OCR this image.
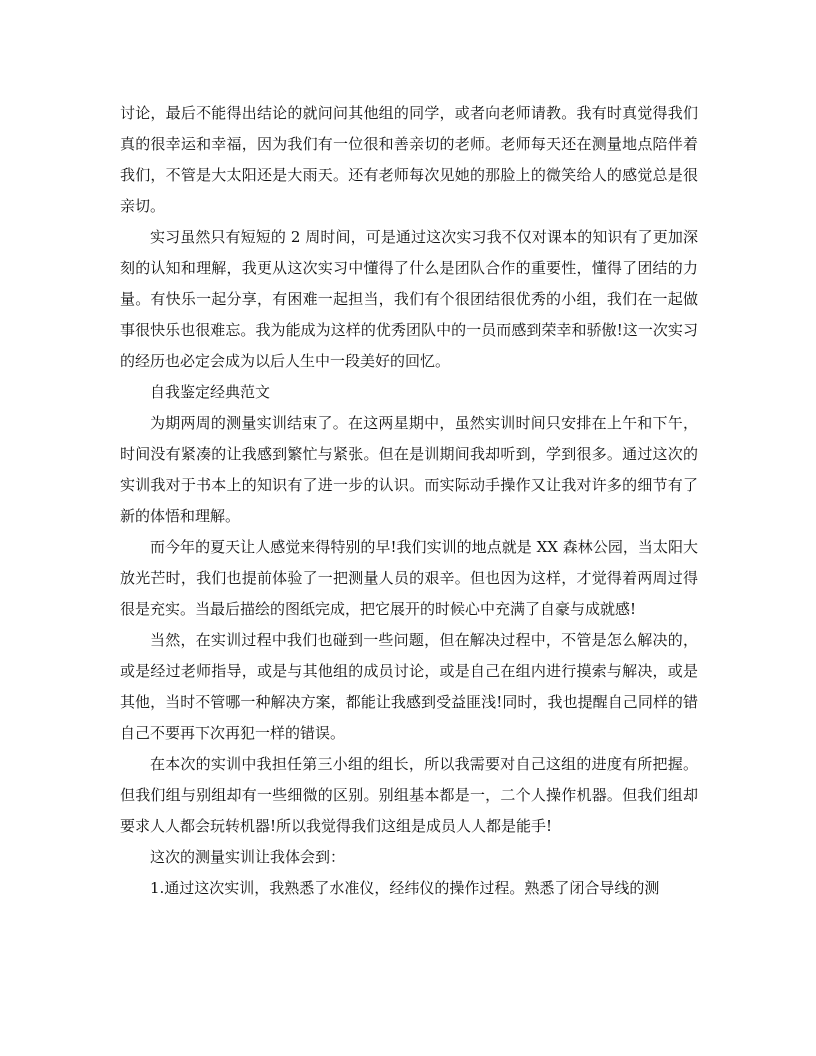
讨论，最后不能得出结论的就问问其他组的同学，或者向老师请教。我有时真觉得我们真的很幸运和幸福，因为我们有一位很和善亲切的老师。老师每天还在测量地点陪伴着我们，不管是大太阳还是大雨天。还有老师每次见她的那脸上的微笑给人的感觉总是很亲切。

实习虽然只有短短的 2 周时间，可是通过这次实习我不仅对课本的知识有了更加深刻的认知和理解，我更从这次实习中懂得了什么是团队合作的重要性，懂得了团结的力量。有快乐一起分享，有困难一起担当，我们有个很团结很优秀的小组，我们在一起做事很快乐也很难忘。我为能成为这样的优秀团队中的一员而感到荣幸和骄傲!这一次实习的经历也必定会成为以后人生中一段美好的回忆。

自我鉴定经典范文

为期两周的测量实训结束了。在这两星期中，虽然实训时间只安排在上午和下午，时间没有紧凑的让我感到繁忙与紧张。但在是训期间我却听到，学到很多。通过这次的实训我对于书本上的知识有了进一步的认识。而实际动手操作又让我对许多的细节有了新的体悟和理解。

而今年的夏天让人感觉来得特别的早!我们实训的地点就是 XX 森林公园，当太阳大放光芒时，我们也提前体验了一把测量人员的艰辛。但也因为这样，才觉得着两周过得很是充实。当最后描绘的图纸完成，把它展开的时候心中充满了自豪与成就感!

当然，在实训过程中我们也碰到一些问题，但在解决过程中，不管是怎么解决的，或是经过老师指导，或是与其他组的成员讨论，或是自己在组内进行摸索与解决，或是其他，当时不管哪一种解决方案，都能让我感到受益匪浅!同时，我也提醒自己同样的错自己不要再下次再犯一样的错误。

在本次的实训中我担任第三小组的组长，所以我需要对自己这组的进度有所把握。但我们组与别组却有一些细微的区别。别组基本都是一，二个人操作机器。但我们组却要求人人都会玩转机器!所以我觉得我们这组是成员人人都是能手!

这次的测量实训让我体会到：

1.通过这次实训，我熟悉了水准仪，经纬仪的操作过程。熟悉了闭合导线的测
